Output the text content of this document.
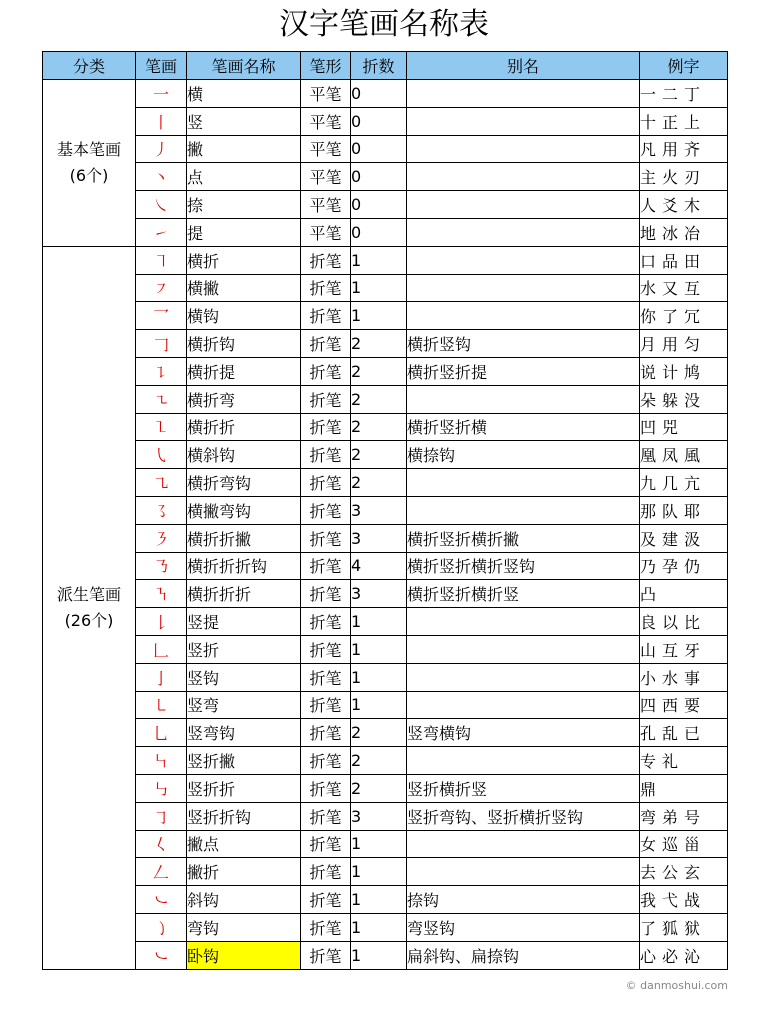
汉字笔画名称表
分类	笔画	笔画名称	笔形	折数	别名	例字

基本笔画
(6个)	一	横	平笔	0		一二丁
	丨	竖	平笔	0		十正上
	丿	撇	平笔	0		凡用齐
	丶	点	平笔	0		主火刃
	㇏	捺	平笔	0		人爻木
	㇀	提	平笔	0		地冰冶

派生笔画
(26个)	㇕	横折	折笔	1		口品田
	㇇	横撇	折笔	1		水又互
	乛	横钩	折笔	1		你了冗
	𠃌	横折钩	折笔	2	横折竖钩	月用匀
	㇊	横折提	折笔	2	横折竖折提	说计鸠
	㇍	横折弯	折笔	2		朵躲没
	㇅	横折折	折笔	2	横折竖折横	凹兕
	㇂	横斜钩	折笔	2	横捺钩	凰凤風
	㇈	横折弯钩	折笔	2		九几亢
	㇌	横撇弯钩	折笔	3		那队耶
	㇋	横折折撇	折笔	3	横折竖折横折撇	及建汲
	㇡	横折折折钩	折笔	4	横折竖折横折竖钩	乃孕仍
	㇎	横折折折	折笔	3	横折竖折横折竖	凸
	𠄌	竖提	折笔	1		良以比
	𠃊	竖折	折笔	1		山互牙
	亅	竖钩	折笔	1		小水事
	㇄	竖弯	折笔	1		四西要
	乚	竖弯钩	折笔	2	竖弯横钩	孔乱已
	㇞	竖折撇	折笔	2		专礼
	㇉	竖折折	折笔	2	竖折横折竖	鼎
	㇆	竖折折钩	折笔	3	竖折弯钩、竖折横折竖钩	弯弟号
	𡿨	撇点	折笔	1		女巡甾
	𠃋	撇折	折笔	1		去公玄
	㇃	斜钩	折笔	1	捺钩	我弋战
	㇁	弯钩	折笔	1	弯竖钩	了狐狱
	㇃	卧钩	折笔	1	扁斜钩、扁捺钩	心必沁
© danmoshui.com
